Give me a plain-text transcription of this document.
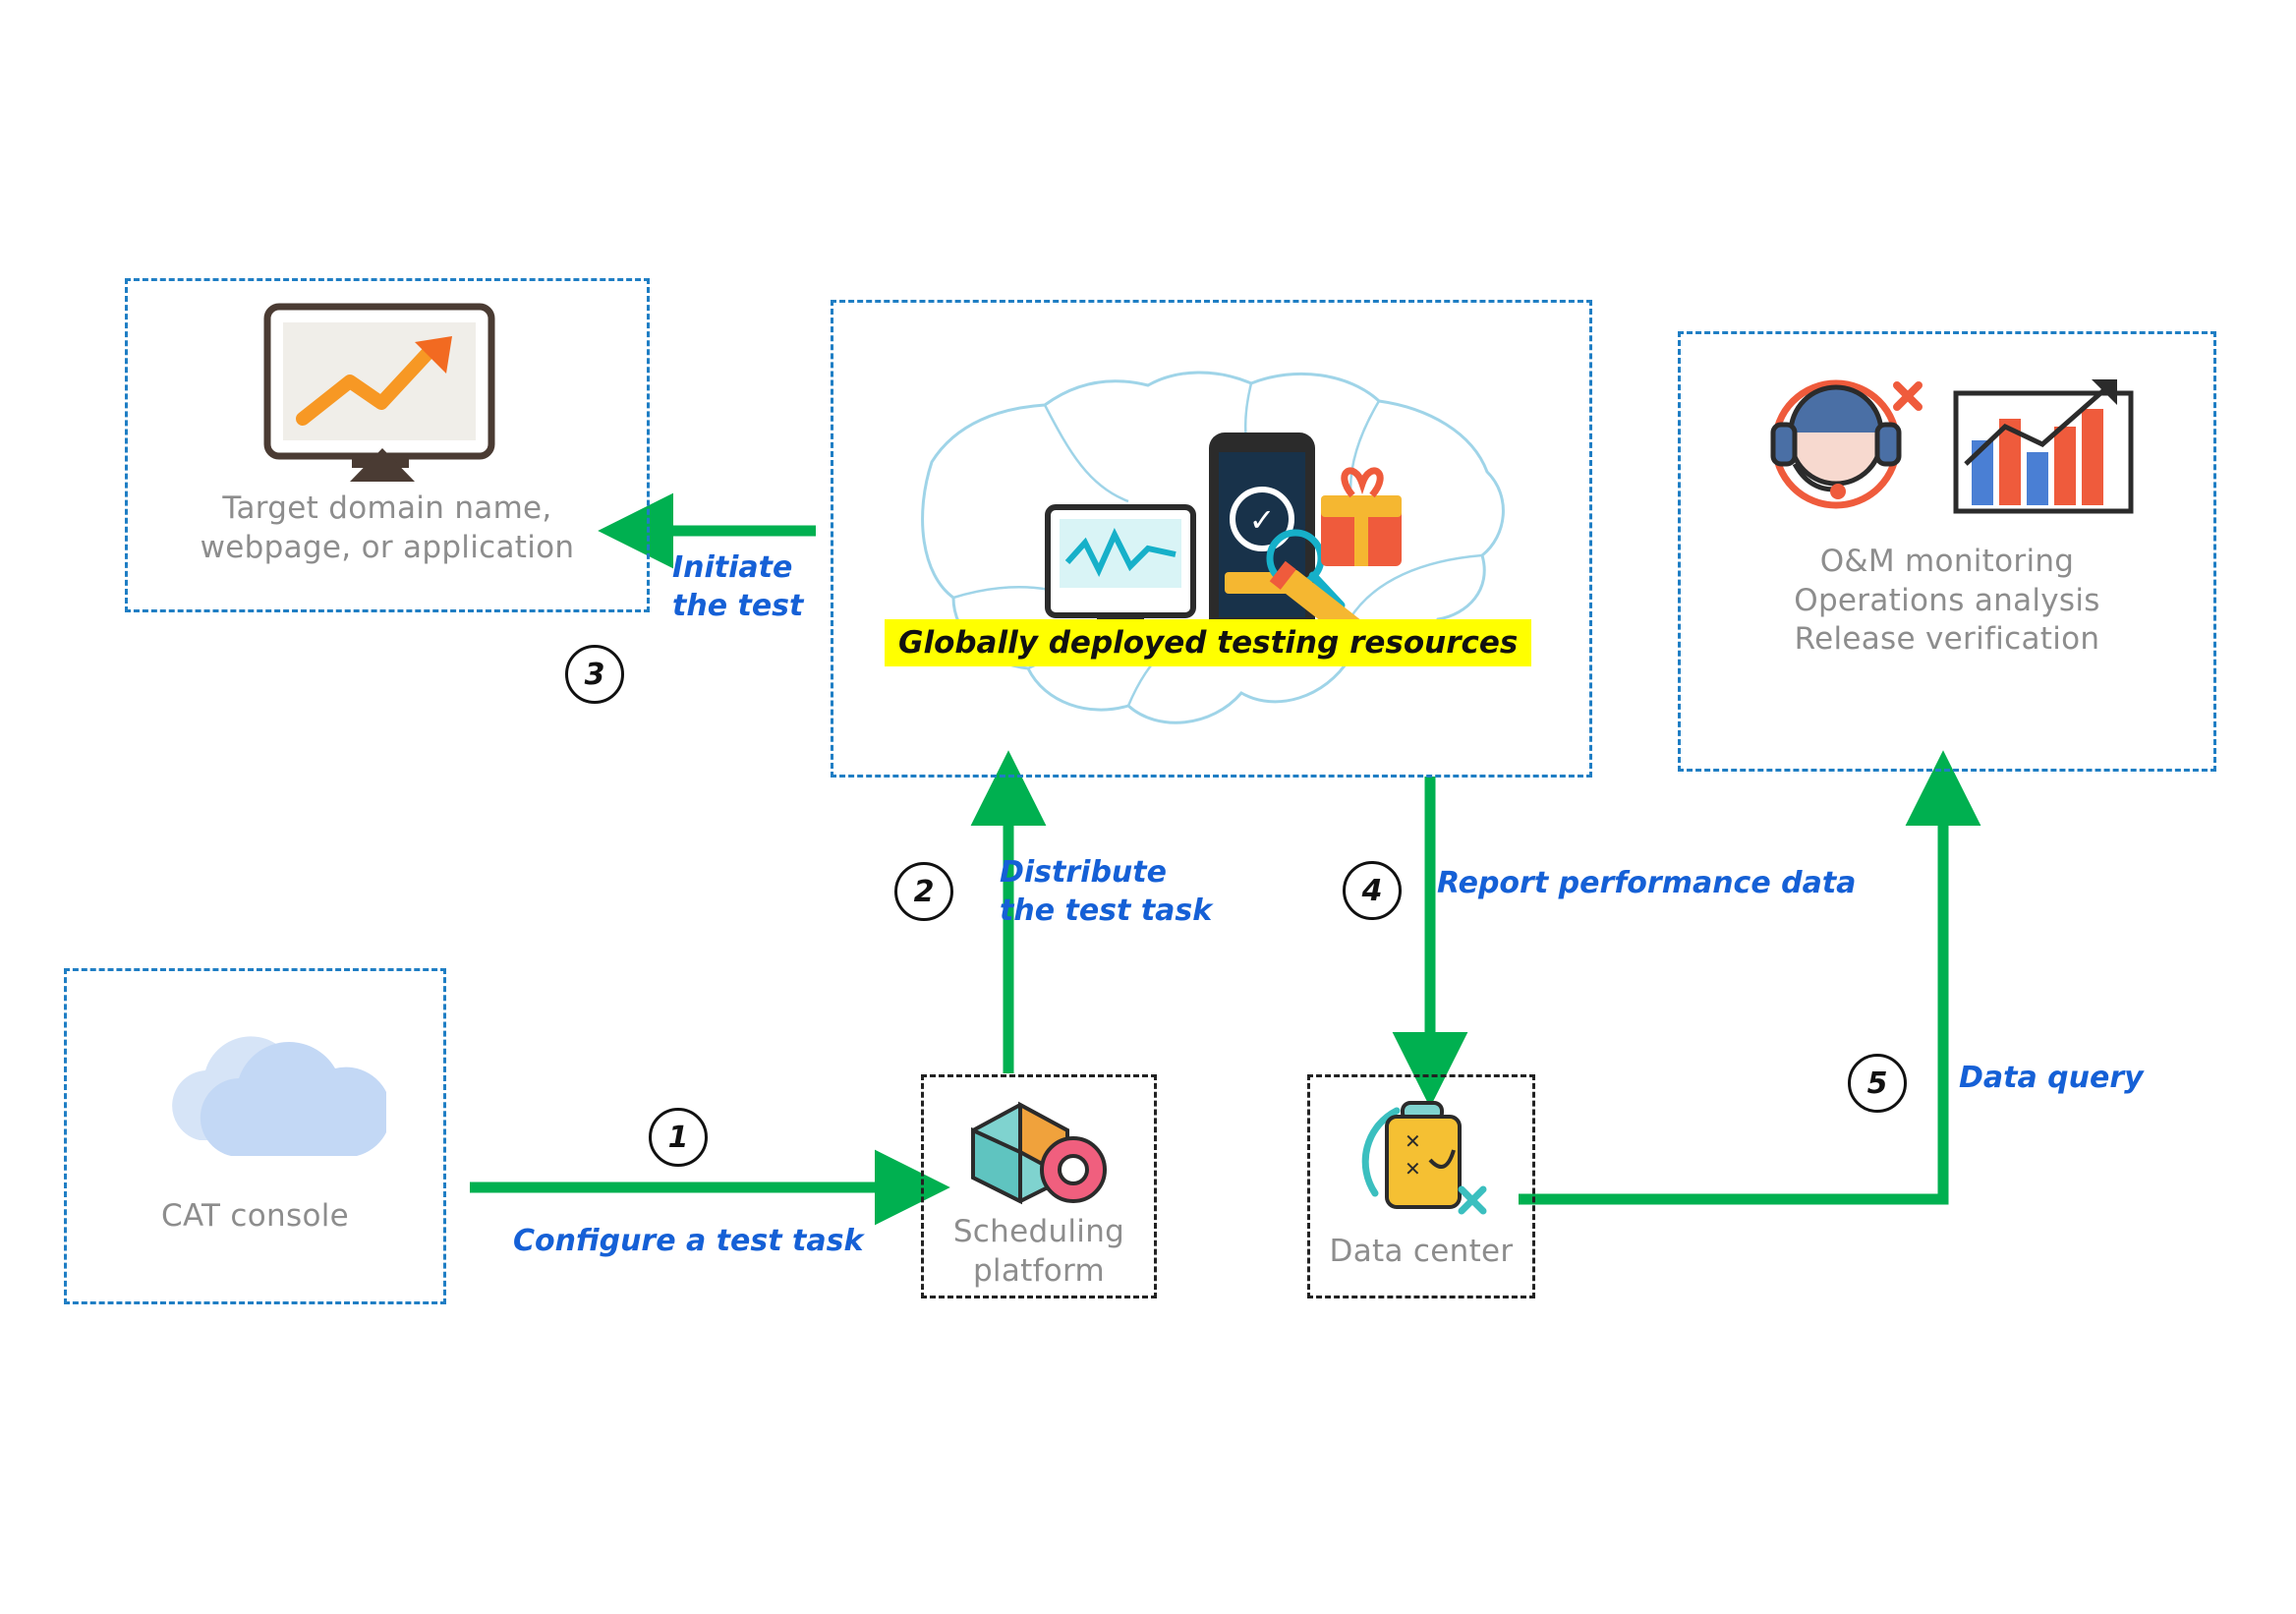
Target domain name,
webpage, or application
✓
Globally deployed testing resources
O&M monitoring
Operations analysis
Release verification
CAT console	Scheduling
platform
✕
✕
Data center
1
Configure a test task
2
Distribute
the test task
3
Initiate
the test
4	Report performance data
5	Data query
